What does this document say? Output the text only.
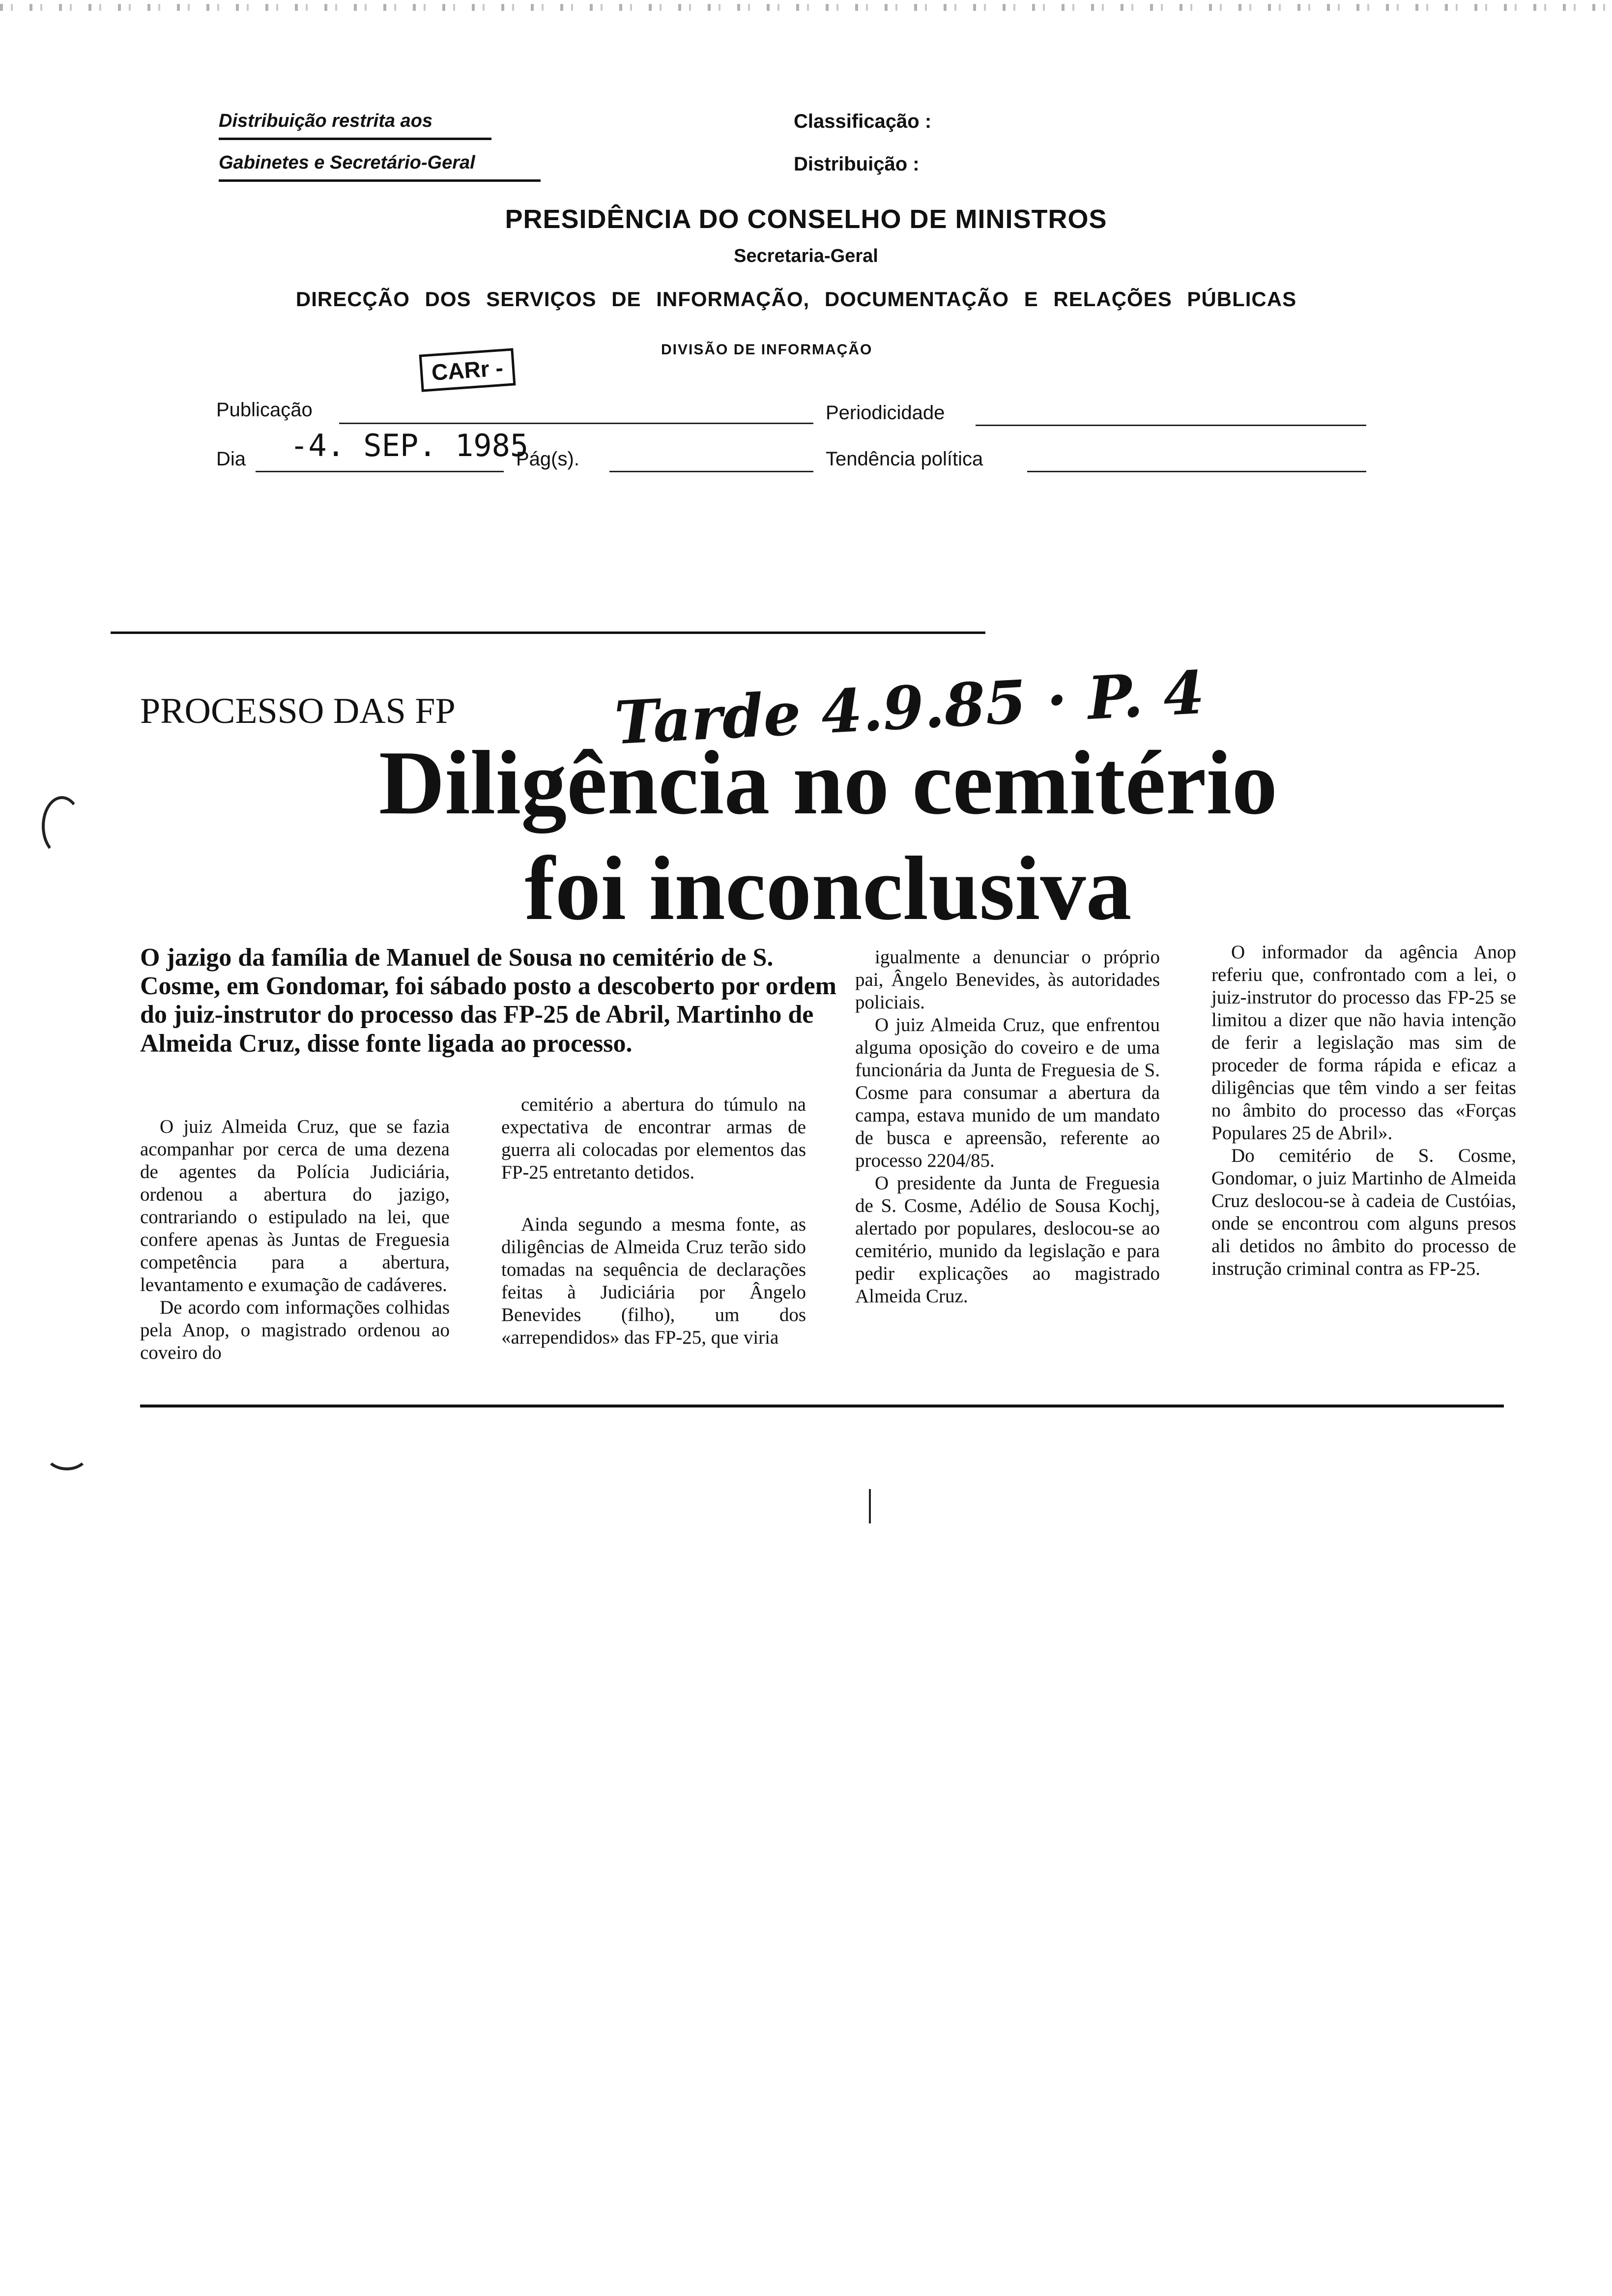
Distribuição restrita aos
Gabinetes e Secretário-Geral
Classificação :
Distribuição :
PRESIDÊNCIA DO CONSELHO DE MINISTROS
Secretaria-Geral
DIRECÇÃO DOS SERVIÇOS DE INFORMAÇÃO, DOCUMENTAÇÃO E RELAÇÕES PÚBLICAS
DIVISÃO DE INFORMAÇÃO
CARr -
Publicação	Periodicidade
Dia -4. SEP. 1985
Pág(s).	Tendência política
PROCESSO DAS FP	Tarde 4.9.85 · P. 4
Diligência no cemitério
foi inconclusiva
O jazigo da família de Manuel de Sousa no cemitério de S. Cosme, em Gondomar, foi sábado posto a descoberto por ordem do juiz-instrutor do processo das FP-25 de Abril, Martinho de Almeida Cruz, disse fonte ligada ao processo.

O juiz Almeida Cruz, que se fazia acompanhar por cerca de uma dezena de agentes da Polícia Judiciária, ordenou a abertura do jazigo, contrariando o estipulado na lei, que confere apenas às Juntas de Freguesia competência para a abertura, levantamento e exumação de cadáveres.

De acordo com informações colhidas pela Anop, o magistrado ordenou ao coveiro do

cemitério a abertura do túmulo na expectativa de encontrar armas de guerra ali colocadas por elementos das FP-25 entretanto detidos.

Ainda segundo a mesma fonte, as diligências de Almeida Cruz terão sido tomadas na sequência de declarações feitas à Judiciária por Ângelo Benevides (filho), um dos «arrependidos» das FP-25, que viria

igualmente a denunciar o próprio pai, Ângelo Benevides, às autoridades policiais.

O juiz Almeida Cruz, que enfrentou alguma oposição do coveiro e de uma funcionária da Junta de Freguesia de S. Cosme para consumar a abertura da campa, estava munido de um mandato de busca e apreensão, referente ao processo 2204/85.

O presidente da Junta de Freguesia de S. Cosme, Adélio de Sousa Kochj, alertado por populares, deslocou-se ao cemitério, munido da legislação e para pedir explicações ao magistrado Almeida Cruz.

O informador da agência Anop referiu que, confrontado com a lei, o juiz-instrutor do processo das FP-25 se limitou a dizer que não havia intenção de ferir a legislação mas sim de proceder de forma rápida e eficaz a diligências que têm vindo a ser feitas no âmbito do processo das «Forças Populares 25 de Abril».

Do cemitério de S. Cosme, Gondomar, o juiz Martinho de Almeida Cruz deslocou-se à cadeia de Custóias, onde se encontrou com alguns presos ali detidos no âmbito do processo de instrução criminal contra as FP-25.
